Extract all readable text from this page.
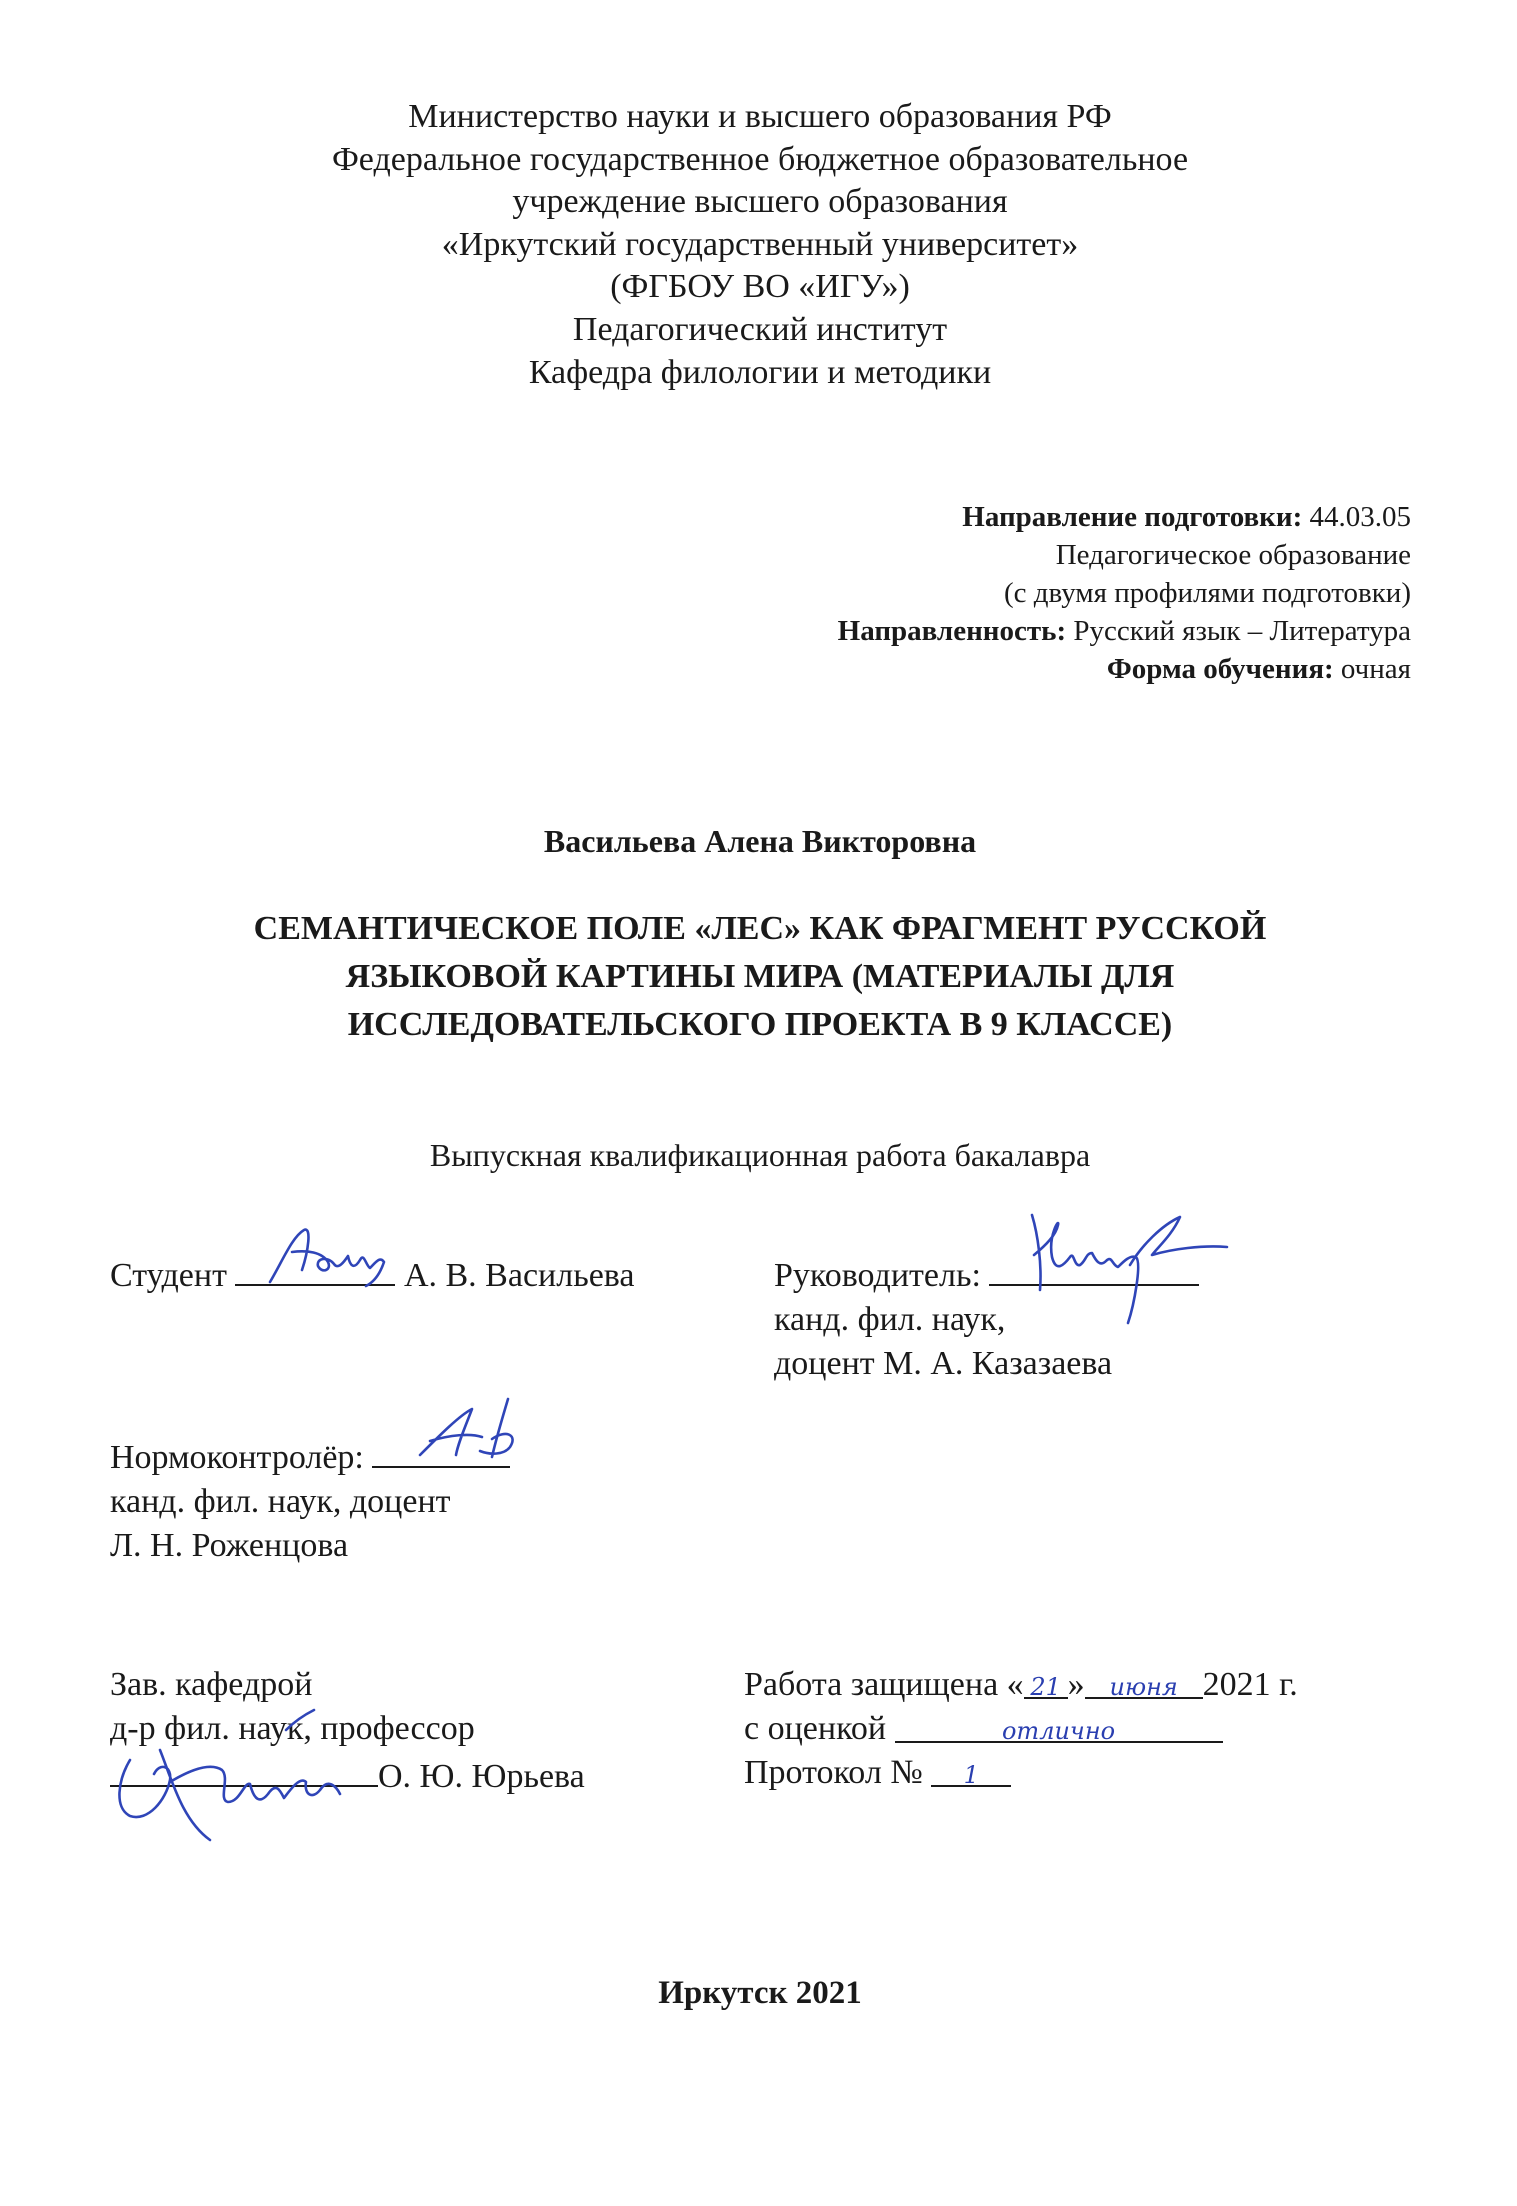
Министерство науки и высшего образования РФ
Федеральное государственное бюджетное образовательное
учреждение высшего образования
«Иркутский государственный университет»
(ФГБОУ ВО «ИГУ»)
Педагогический институт
Кафедра филологии и методики
Направление подготовки: 44.03.05
Педагогическое образование
(с двумя профилями подготовки)
Направленность: Русский язык – Литература
Форма обучения: очная
Васильева Алена Викторовна
СЕМАНТИЧЕСКОЕ ПОЛЕ «ЛЕС» КАК ФРАГМЕНТ РУССКОЙ
ЯЗЫКОВОЙ КАРТИНЫ МИРА (МАТЕРИАЛЫ ДЛЯ
ИССЛЕДОВАТЕЛЬСКОГО ПРОЕКТА В 9 КЛАССЕ)
Выпускная квалификационная работа бакалавра
Студент	А. В. Васильева	Руководитель:
канд. фил. наук,
доцент М. А. Казазаева
Нормоконтролёр:
канд. фил. наук, доцент
Л. Н. Роженцова
Зав. кафедрой
д-р фил. наук, профессор
О. Ю. Юрьева
Работа защищена « 21 » июня 2021 г.
с оценкой	отлично
Протокол № 1
Иркутск 2021
